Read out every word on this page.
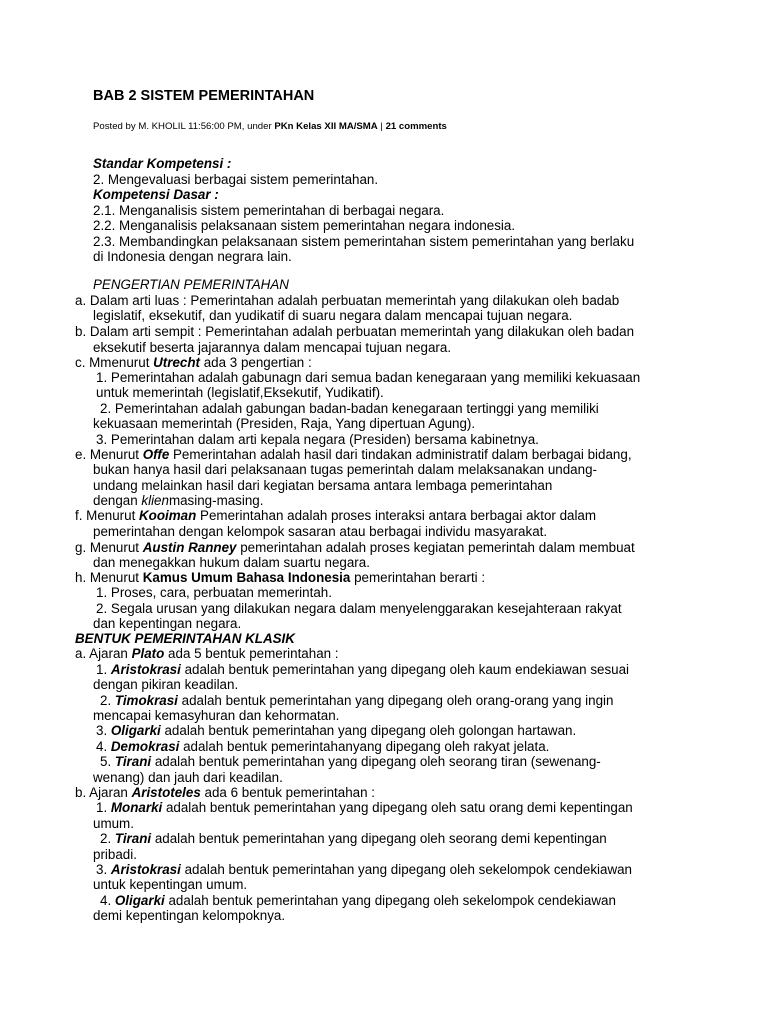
BAB 2 SISTEM PEMERINTAHAN
Posted by M. KHOLIL 11:56:00 PM, under PKn Kelas XII MA/SMA | 21 comments
Standar Kompetensi :
2. Mengevaluasi berbagai sistem pemerintahan.
Kompetensi Dasar :
2.1. Menganalisis sistem pemerintahan di berbagai negara.
2.2. Menganalisis pelaksanaan sistem pemerintahan negara indonesia.
2.3. Membandingkan pelaksanaan sistem pemerintahan sistem pemerintahan yang berlaku
di Indonesia dengan negrara lain.
PENGERTIAN PEMERINTAHAN
a. Dalam arti luas : Pemerintahan adalah perbuatan memerintah yang dilakukan oleh badab
legislatif, eksekutif, dan yudikatif di suaru negara dalam mencapai tujuan negara.
b. Dalam arti sempit : Pemerintahan adalah perbuatan memerintah yang dilakukan oleh badan
eksekutif beserta jajarannya dalam mencapai tujuan negara.
c. Mmenurut Utrecht ada 3 pengertian :
1. Pemerintahan adalah gabunagn dari semua badan kenegaraan yang memiliki kekuasaan
untuk memerintah (legislatif,Eksekutif, Yudikatif).
2. Pemerintahan adalah gabungan badan-badan kenegaraan tertinggi yang memiliki
kekuasaan memerintah (Presiden, Raja, Yang dipertuan Agung).
3. Pemerintahan dalam arti kepala negara (Presiden) bersama kabinetnya.
e. Menurut Offe Pemerintahan adalah hasil dari tindakan administratif dalam berbagai bidang,
bukan hanya hasil dari pelaksanaan tugas pemerintah dalam melaksanakan undang-
undang melainkan hasil dari kegiatan bersama antara lembaga pemerintahan
dengan klienmasing-masing.
f. Menurut Kooiman Pemerintahan adalah proses interaksi antara berbagai aktor dalam
pemerintahan dengan kelompok sasaran atau berbagai individu masyarakat.
g. Menurut Austin Ranney pemerintahan adalah proses kegiatan pemerintah dalam membuat
dan menegakkan hukum dalam suartu negara.
h. Menurut Kamus Umum Bahasa Indonesia pemerintahan berarti :
1. Proses, cara, perbuatan memerintah.
2. Segala urusan yang dilakukan negara dalam menyelenggarakan kesejahteraan rakyat
dan kepentingan negara.
BENTUK PEMERINTAHAN KLASIK
a. Ajaran Plato ada 5 bentuk pemerintahan :
1. Aristokrasi adalah bentuk pemerintahan yang dipegang oleh kaum endekiawan sesuai
dengan pikiran keadilan.
2. Timokrasi adalah bentuk pemerintahan yang dipegang oleh orang-orang yang ingin
mencapai kemasyhuran dan kehormatan.
3. Oligarki adalah bentuk pemerintahan yang dipegang oleh golongan hartawan.
4. Demokrasi adalah bentuk pemerintahanyang dipegang oleh rakyat jelata.
5. Tirani adalah bentuk pemerintahan yang dipegang oleh seorang tiran (sewenang-
wenang) dan jauh dari keadilan.
b. Ajaran Aristoteles ada 6 bentuk pemerintahan :
1. Monarki adalah bentuk pemerintahan yang dipegang oleh satu orang demi kepentingan
umum.
2. Tirani adalah bentuk pemerintahan yang dipegang oleh seorang demi kepentingan
pribadi.
3. Aristokrasi adalah bentuk pemerintahan yang dipegang oleh sekelompok cendekiawan
untuk kepentingan umum.
4. Oligarki adalah bentuk pemerintahan yang dipegang oleh sekelompok cendekiawan
demi kepentingan kelompoknya.
